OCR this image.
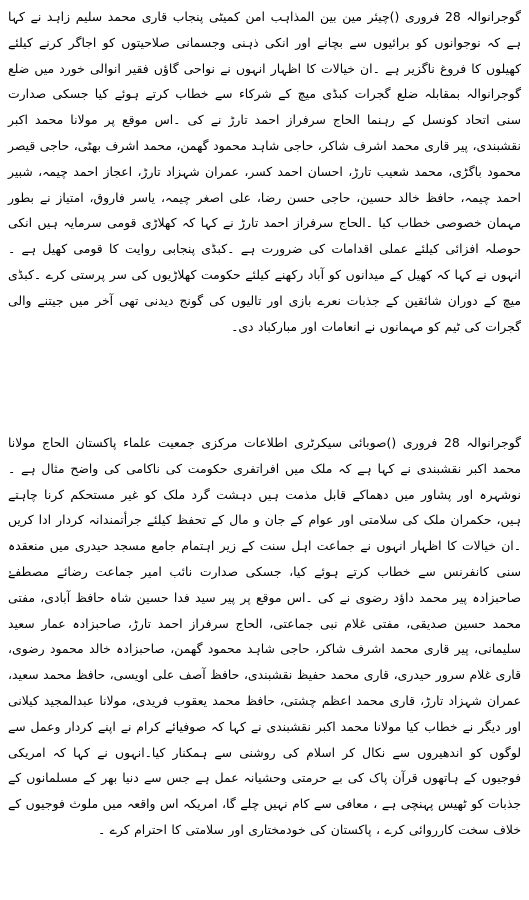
گوجرانوالہ 28 فروری ()چیئر مین بین المذاہب امن کمیٹی پنجاب قاری محمد سلیم زاہد نے کہا ہے کہ نوجوانوں کو برائیوں سے بچانے اور انکی ذہنی وجسمانی صلاحیتوں کو اجاگر کرنے کیلئے کھیلوں کا فروغ ناگزیر ہے ۔ان خیالات کا اظہار انہوں نے نواحی گاؤں فقیر انوالی خورد میں ضلع گوجرانوالہ بمقابلہ ضلع گجرات کبڈی میچ کے شرکاء سے خطاب کرتے ہوئے کیا جسکی صدارت سنی اتحاد کونسل کے رہنما الحاج سرفراز احمد تارڑ نے کی ۔اس موقع پر مولانا محمد اکبر نقشبندی، پیر قاری محمد اشرف شاکر، حاجی شاہد محمود گھمن، محمد اشرف بھٹی، حاجی قیصر محمود باگڑی، محمد شعیب تارڑ، احسان احمد کسر، عمران شہزاد تارڑ، اعجاز احمد چیمہ، شبیر احمد چیمہ، حافظ خالد حسین، حاجی حسن رضا، علی اصغر چیمہ، یاسر فاروق، امتیاز نے بطور مہمان خصوصی خطاب کیا ۔الحاج سرفراز احمد تارڑ نے کہا کہ کھلاڑی قومی سرمایہ ہیں انکی حوصلہ افزائی کیلئے عملی اقدامات کی ضرورت ہے ۔کبڈی پنجابی روایت کا قومی کھیل ہے ۔انہوں نے کہا کہ کھیل کے میدانوں کو آباد رکھنے کیلئے حکومت کھلاڑیوں کی سر پرستی کرے ۔کبڈی میچ کے دوران شائقین کے جذبات نعرے بازی اور تالیوں کی گونج دیدنی تھی آخر میں جیتنے والی گجرات کی ٹیم کو مہمانوں نے انعامات اور مبارکباد دی۔
گوجرانوالہ 28 فروری ()صوبائی سیکرٹری اطلاعات مرکزی جمعیت علماء پاکستان الحاج مولانا محمد اکبر نقشبندی نے کہا ہے کہ ملک میں افراتفری حکومت کی ناکامی کی واضح مثال ہے ۔نوشہرہ اور پشاور میں دھماکے قابل مذمت ہیں دہشت گرد ملک کو غیر مستحکم کرنا چاہتے ہیں، حکمران ملک کی سلامتی اور عوام کے جان و مال کے تحفظ کیلئے جرأتمندانہ کردار ادا کریں ۔ان خیالات کا اظہار انہوں نے جماعت اہل سنت کے زیر اہتمام جامع مسجد حیدری میں منعقدہ سنی کانفرنس سے خطاب کرتے ہوئے کیا، جسکی صدارت نائب امیر جماعت رضائے مصطفےٰ صاحبزادہ پیر محمد داؤد رضوی نے کی ۔اس موقع پر پیر سید فدا حسین شاہ حافظ آبادی، مفتی محمد حسین صدیقی، مفتی غلام نبی جماعتی، الحاج سرفراز احمد تارڑ، صاحبزادہ عمار سعید سلیمانی، پیر قاری محمد اشرف شاکر، حاجی شاہد محمود گھمن، صاحبزادہ خالد محمود رضوی، قاری غلام سرور حیدری، قاری محمد حفیظ نقشبندی، حافظ آصف علی اویسی، حافظ محمد سعید، عمران شہزاد تارڑ، قاری محمد اعظم چشتی، حافظ محمد یعقوب فریدی، مولانا عبدالمجید کیلانی اور دیگر نے خطاب کیا مولانا محمد اکبر نقشبندی نے کہا کہ صوفیائے کرام نے اپنے کردار وعمل سے لوگوں کو اندھیروں سے نکال کر اسلام کی روشنی سے ہمکنار کیا۔انہوں نے کہا کہ امریکی فوجیوں کے ہاتھوں قرآن پاک کی بے حرمتی وحشیانہ عمل ہے جس سے دنیا بھر کے مسلمانوں کے جذبات کو ٹھیس پہنچی ہے ، معافی سے کام نہیں چلے گا، امریکہ اس واقعہ میں ملوث فوجیوں کے خلاف سخت کارروائی کرے ، پاکستان کی خودمختاری اور سلامتی کا احترام کرے ۔
